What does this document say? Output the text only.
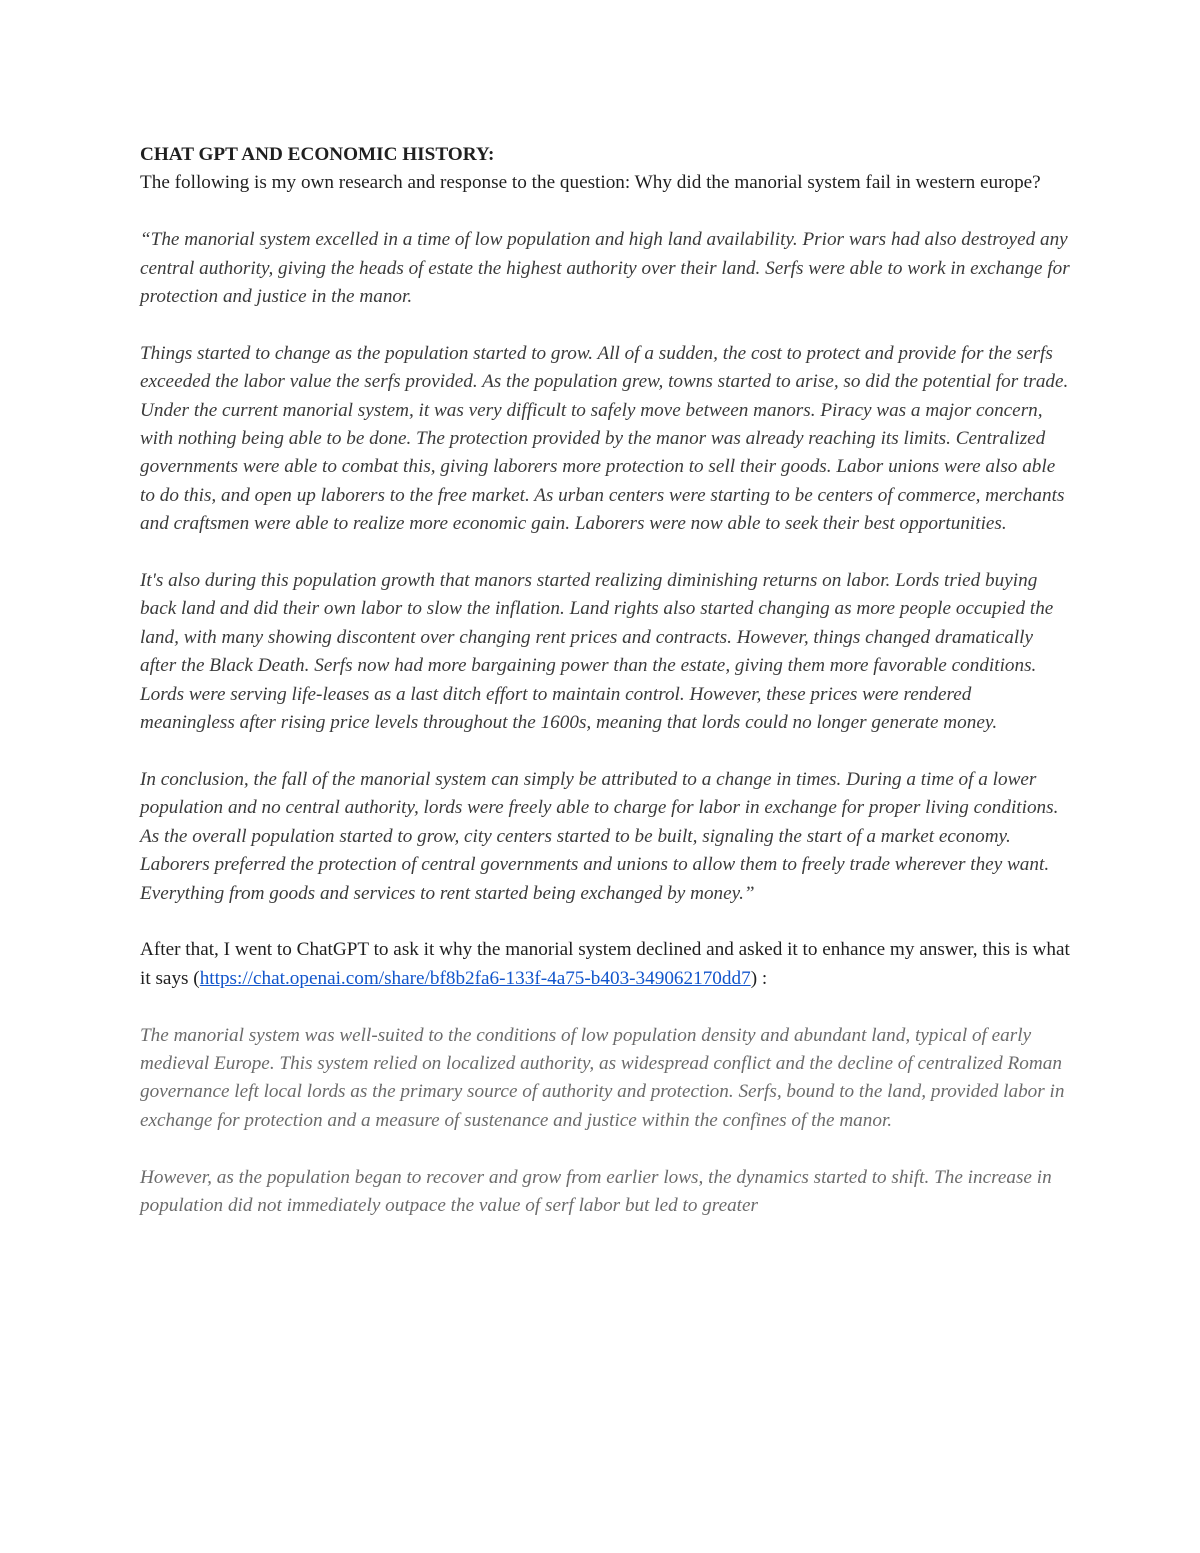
CHAT GPT AND ECONOMIC HISTORY:

The following is my own research and response to the question: Why did the manorial system fail in western europe?

“The manorial system excelled in a time of low population and high land availability. Prior wars had also destroyed any central authority, giving the heads of estate the highest authority over their land. Serfs were able to work in exchange for protection and justice in the manor.

Things started to change as the population started to grow. All of a sudden, the cost to protect and provide for the serfs exceeded the labor value the serfs provided. As the population grew, towns started to arise, so did the potential for trade. Under the current manorial system, it was very difficult to safely move between manors. Piracy was a major concern, with nothing being able to be done. The protection provided by the manor was already reaching its limits. Centralized governments were able to combat this, giving laborers more protection to sell their goods. Labor unions were also able to do this, and open up laborers to the free market. As urban centers were starting to be centers of commerce, merchants and craftsmen were able to realize more economic gain. Laborers were now able to seek their best opportunities.

It's also during this population growth that manors started realizing diminishing returns on labor. Lords tried buying back land and did their own labor to slow the inflation. Land rights also started changing as more people occupied the land, with many showing discontent over changing rent prices and contracts. However, things changed dramatically after the Black Death. Serfs now had more bargaining power than the estate, giving them more favorable conditions. Lords were serving life-leases as a last ditch effort to maintain control. However, these prices were rendered meaningless after rising price levels throughout the 1600s, meaning that lords could no longer generate money.

In conclusion, the fall of the manorial system can simply be attributed to a change in times. During a time of a lower population and no central authority, lords were freely able to charge for labor in exchange for proper living conditions. As the overall population started to grow, city centers started to be built, signaling the start of a market economy. Laborers preferred the protection of central governments and unions to allow them to freely trade wherever they want. Everything from goods and services to rent started being exchanged by money.”

After that, I went to ChatGPT to ask it why the manorial system declined and asked it to enhance my answer, this is what it says (https://chat.openai.com/share/bf8b2fa6-133f-4a75-b403-349062170dd7) :

The manorial system was well-suited to the conditions of low population density and abundant land, typical of early medieval Europe. This system relied on localized authority, as widespread conflict and the decline of centralized Roman governance left local lords as the primary source of authority and protection. Serfs, bound to the land, provided labor in exchange for protection and a measure of sustenance and justice within the confines of the manor.

However, as the population began to recover and grow from earlier lows, the dynamics started to shift. The increase in population did not immediately outpace the value of serf labor but led to greater
